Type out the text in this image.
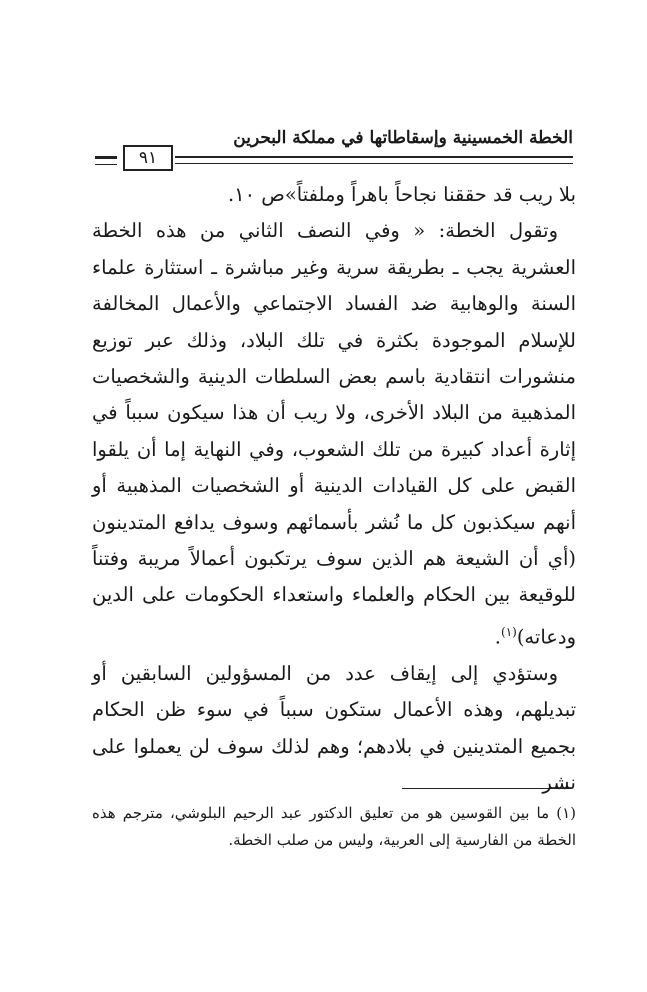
الخطة الخمسينية وإسقاطاتها في مملكة البحرين
٩١

بلا ريب قد حققنا نجاحاً باهراً وملفتاً»ص ١٠.

وتقول الخطة: « وفي النصف الثاني من هذه الخطة العشرية يجب ـ بطريقة سرية وغير مباشرة ـ استثارة علماء السنة والوهابية ضد الفساد الاجتماعي والأعمال المخالفة للإسلام الموجودة بكثرة في تلك البلاد، وذلك عبر توزيع منشورات انتقادية باسم بعض السلطات الدينية والشخصيات المذهبية من البلاد الأخرى، ولا ريب أن هذا سيكون سبباً في إثارة أعداد كبيرة من تلك الشعوب، وفي النهاية إما أن يلقوا القبض على كل القيادات الدينية أو الشخصيات المذهبية أو أنهم سيكذبون كل ما نُشر بأسمائهم وسوف يدافع المتدينون (أي أن الشيعة هم الذين سوف يرتكبون أعمالاً مريبة وفتناً للوقيعة بين الحكام والعلماء واستعداء الحكومات على الدين ودعاته)$^{(١)}$.

وستؤدي إلى إيقاف عدد من المسؤولين السابقين أو تبديلهم، وهذه الأعمال ستكون سبباً في سوء ظن الحكام بجميع المتدينين في بلادهم؛ وهم لذلك سوف لن يعملوا على نشر

(١) ما بين القوسين هو من تعليق الدكتور عبد الرحيم البلوشي، مترجم هذه الخطة من الفارسية إلى العربية، وليس من صلب الخطة.
